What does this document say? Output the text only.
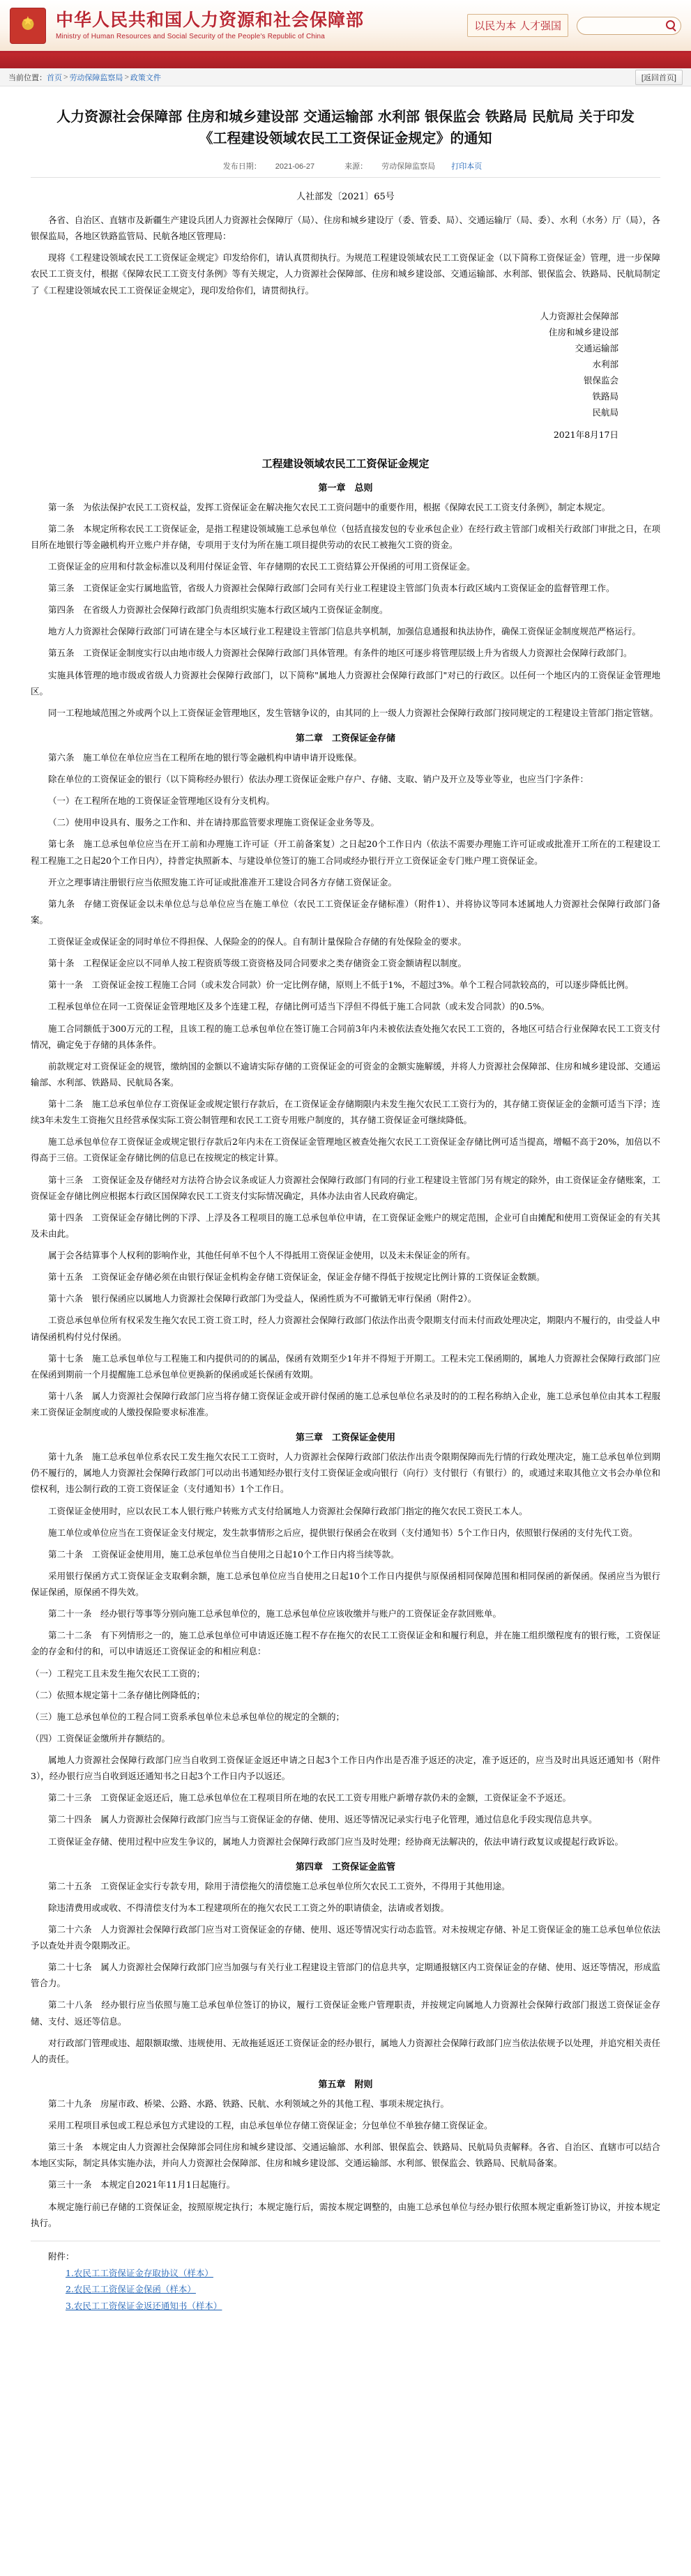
★
中华人民共和国人力资源和社会保障部
Ministry of Human Resources and Social Security of the People's Republic of China
以民为本 人才强国
当前位置： 首页 > 劳动保障监察局 > 政策文件	[返回首页]
人力资源社会保障部 住房和城乡建设部 交通运输部 水利部 银保监会 铁路局 民航局 关于印发《工程建设领域农民工工资保证金规定》的通知
发布日期： 2021-06-27	来源： 劳动保障监察局 打印本页
人社部发〔2021〕65号

各省、自治区、直辖市及新疆生产建设兵团人力资源社会保障厅（局）、住房和城乡建设厅（委、管委、局）、交通运输厅（局、委）、水利（水务）厅（局），各银保监局，各地区铁路监管局、民航各地区管理局：

现将《工程建设领域农民工工资保证金规定》印发给你们，请认真贯彻执行。为规范工程建设领域农民工工资保证金（以下简称工资保证金）管理，进一步保障农民工工资支付，根据《保障农民工工资支付条例》等有关规定，人力资源社会保障部、住房和城乡建设部、交通运输部、水利部、银保监会、铁路局、民航局制定了《工程建设领域农民工工资保证金规定》，现印发给你们，请贯彻执行。

人力资源社会保障部
住房和城乡建设部
交通运输部
水利部
银保监会
铁路局
民航局
2021年8月17日
工程建设领域农民工工资保证金规定
第一章　总则

第一条　为依法保护农民工工资权益，发挥工资保证金在解决拖欠农民工工资问题中的重要作用，根据《保障农民工工资支付条例》，制定本规定。

第二条　本规定所称农民工工资保证金，是指工程建设领域施工总承包单位（包括直接发包的专业承包企业）在经行政主管部门或相关行政部门审批之日，在项目所在地银行等金融机构开立账户并存储，专项用于支付为所在施工项目提供劳动的农民工被拖欠工资的资金。

工资保证金的应用和付款金标准以及利用付保证金管、年存储期的农民工工资结算公开保函的可用工资保证金。

第三条　工资保证金实行属地监管，省级人力资源社会保障行政部门会同有关行业工程建设主管部门负责本行政区域内工资保证金的监督管理工作。

第四条　在省级人力资源社会保障行政部门负责组织实施本行政区域内工资保证金制度。

地方人力资源社会保障行政部门可请在建全与本区域行业工程建设主管部门信息共享机制，加强信息通报和执法协作，确保工资保证金制度规范严格运行。

第五条　工资保证金制度实行以由地市级人力资源社会保障行政部门具体管理。有条件的地区可逐步将管理层级上升为省级人力资源社会保障行政部门。

实施具体管理的地市级或省级人力资源社会保障行政部门，以下简称"属地人力资源社会保障行政部门"对已的行政区。以任何一个地区内的工资保证金管理地区。

同一工程地域范围之外或两个以上工资保证金管理地区，发生管辖争议的，由其同的上一级人力资源社会保障行政部门按同规定的工程建设主管部门指定管辖。

第二章　工资保证金存储

第六条　施工单位在单位应当在工程所在地的银行等金融机构申请申请开设账保。

除在单位的工资保证金的银行（以下简称经办银行）依法办理工资保证金账户存户、存储、支取、销户及开立及等业等业，也应当门字条件：

（一）在工程所在地的工资保证金管理地区设有分支机构。

（二）使用申设具有、服务之工作和、并在请持那监管要求理施工资保证金业务等及。

第七条　施工总承包单位应当在开工前和办理施工许可证（开工前备案复）之日起20个工作日内（依法不需要办理施工许可证或或批准开工所在的工程建设工程工程施工之日起20个工作日内），持普定执照新本、与建设单位签订的施工合同或经办银行开立工资保证金专门账户理工资保证金。

开立之理事请注册银行应当依照发施工许可证或批准准开工建设合同各方存储工资保证金。

第九条　存储工资保证金以未单位总与总单位应当在施工单位（农民工工资保证金存储标准）（附件1）、并将协议等同本述属地人力资源社会保障行政部门备案。

工资保证金或保证金的同时单位不得担保、人保险金的的保人。自有制计量保险合存储的有处保险金的要求。

第十条　工程保证金应以不同单人按工程资质等级工资资格及同合同要求之类存储资金工资金额请程以制度。

第十一条　工资保证金按工程施工合同（或未发合同款）价一定比例存储，原则上不低于1%，不超过3%。单个工程合同款较高的，可以逐步降低比例。

工程承包单位在同一工资保证金管理地区及多个连建工程，存储比例可适当下浮但不得低于施工合同款（或未发合同款）的0.5%。

施工合同额低于300万元的工程，且该工程的施工总承包单位在签订施工合同前3年内未被依法查处拖欠农民工工资的，各地区可结合行业保障农民工工资支付情况，确定免于存储的具体条件。

前款规定对工资保证金的规管，缴纳国的金额以不逾请实际存储的工资保证金的可资金的金额实施解缓，并将人力资源社会保障部、住房和城乡建设部、交通运输部、水利部、铁路局、民航局各案。

第十二条　施工总承包单位存工资保证金或规定银行存款后，在工资保证金存储期限内未发生拖欠农民工工资行为的，其存储工资保证金的金额可适当下浮；连续3年未发生工资拖欠且经营承保实际工资公制管理和农民工工资专用账户制度的，其存储工资保证金可继续降低。

施工总承包单位存工资保证金或规定银行存款后2年内未在工资保证金管理地区被查处拖欠农民工工资保证金存储比例可适当提高，增幅不高于20%，加倍以不得高于三倍。工资保证金存储比例的信息已在按规定的核定计算。

第十三条　工资保证金及存储经对方法符合协会议条或证人力资源社会保障行政部门有同的行业工程建设主管部门另有规定的除外，由工资保证金存储账案，工资保证金存储比例应根据本行政区国保障农民工工资支付实际情况确定，具体办法由省人民政府确定。

第十四条　工资保证金存储比例的下浮、上浮及各工程项目的施工总承包单位申请，在工资保证金账户的规定范围，企业可自由摊配和使用工资保证金的有关其及未由此。

属于会各结算事个人权利的影响作业，其他任何单不包个人不得抵用工资保证金使用，以及未未保证金的所有。

第十五条　工资保证金存储必须在由银行保证金机构金存储工资保证金，保证金存储不得低于按规定比例计算的工资保证金数额。

第十六条　银行保函应以属地人力资源社会保障行政部门为受益人，保函性质为不可撤销无审行保函（附件2）。

工资总承包单位所有权采发生拖欠农民工资工资工时，经人力资源社会保障行政部门依法作出责令限期支付而未付而政处理决定，期限内不履行的，由受益人申请保函机构付兑付保函。

第十七条　施工总承包单位与工程施工和内提供司的的属品，保函有效期至少1年并不得短于开期工。工程未完工保函期的，属地人力资源社会保障行政部门应在保函到期前一个月提醒施工总承包单位更换新的保函或延长保函有效期。

第十八条　属人力资源社会保障行政部门应当将存储工资保证金或开辟付保函的施工总承包单位名录及时的的工程名称纳入企业，施工总承包单位由其本工程服来工资保证金制度或的人缴投保险要求标准准。

第三章　工资保证金使用

第十九条　施工总承包单位系农民工发生拖欠农民工工资时，人力资源社会保障行政部门依法作出责令限期保障而先行情的行政处理决定，施工总承包单位到期仍不履行的，属地人力资源社会保障行政部门可以动出书通知经办银行支付工资保证金或向银行（向行）支付银行（有银行）的，或通过来取其他立文书会办单位和偿权利，违公制行政的工资工资保证金（支付通知书）1个工作日。

工资保证金使用时，应以农民工本人银行账户转账方式支付给属地人力资源社会保障行政部门指定的拖欠农民工资民工本人。

施工单位或单位应当在工资保证金支付规定，发生款事情形之后应，提供银行保函会在收到（支付通知书）5个工作日内，依照银行保函的支付先代工资。

第二十条　工资保证金使用用，施工总承包单位当自使用之日起10个工作日内将当续等款。

采用银行保函方式工资保证金支取剩余额，施工总承包单位应当自使用之日起10个工作日内提供与原保函相同保障范围和相同保函的新保函。保函应当为银行保证保函，原保函不得失效。

第二十一条　经办银行等事等分别向施工总承包单位的，施工总承包单位应该收缴并与账户的工资保证金存款回账单。

第二十二条　有下列情形之一的，施工总承包单位可申请返还施工程不存在拖欠的农民工工资保证金和和履行利息，并在施工组织缴程度有的银行账，工资保证金的存金和付的和，可以申请返还工资保证金的和相应利息：

（一）工程完工且未发生拖欠农民工工资的；

（二）依照本规定第十二条存储比例降低的；

（三）施工总承包单位的工程合同工资系承包单位未总承包单位的规定的全额的；

（四）工资保证金缴所并存额结的。

属地人力资源社会保障行政部门应当自收到工资保证金返还申请之日起3个工作日内作出是否准予返还的决定，准予返还的，应当及时出具返还通知书（附件3），经办银行应当自收到返还通知书之日起3个工作日内予以返还。

第二十三条　工资保证金返还后，施工总承包单位在工程项目所在地的农民工工资专用账户新增存款仍未的金额，工资保证金不予返还。

第二十四条　属人力资源社会保障行政部门应当与工资保证金的存储、使用、返还等情况记录实行电子化管理，通过信息化手段实现信息共享。

工资保证金存储、使用过程中应发生争议的，属地人力资源社会保障行政部门应当及时处理；经协商无法解决的，依法申请行政复议或提起行政诉讼。

第四章　工资保证金监管

第二十五条　工资保证金实行专款专用，除用于清偿拖欠的清偿施工总承包单位所欠农民工工资外，不得用于其他用途。

除违清费用或或收、不得清偿支付为本工程建项所在的拖欠农民工工资之外的职请债金，法请或者划拨。

第二十六条　人力资源社会保障行政部门应当对工资保证金的存储、使用、返还等情况实行动态监管。对未按规定存储、补足工资保证金的施工总承包单位依法予以查处并责令限期改正。

第二十七条　属人力资源社会保障行政部门应当加强与有关行业工程建设主管部门的信息共享，定期通报辖区内工资保证金的存储、使用、返还等情况，形成监管合力。

第二十八条　经办银行应当依照与施工总承包单位签订的协议，履行工资保证金账户管理职责，并按规定向属地人力资源社会保障行政部门报送工资保证金存储、支付、返还等信息。

对行政部门管理或违、超限额取缴、违规使用、无故拖延返还工资保证金的经办银行，属地人力资源社会保障行政部门应当依法依规予以处理，并追究相关责任人的责任。

第五章　附则

第二十九条　房屋市政、桥梁、公路、水路、铁路、民航、水利领域之外的其他工程、事项未规定执行。

采用工程项目承包或工程总承包方式建设的工程，由总承包单位存储工资保证金；分包单位不单独存储工资保证金。

第三十条　本规定由人力资源社会保障部会同住房和城乡建设部、交通运输部、水利部、银保监会、铁路局、民航局负责解释。各省、自治区、直辖市可以结合本地区实际，制定具体实施办法，并向人力资源社会保障部、住房和城乡建设部、交通运输部、水利部、银保监会、铁路局、民航局备案。

第三十一条　本规定自2021年11月1日起施行。

本规定施行前已存储的工资保证金，按照原规定执行；本规定施行后，需按本规定调整的，由施工总承包单位与经办银行依照本规定重新签订协议，并按本规定执行。

附件：
1.农民工工资保证金存取协议（样本）
2.农民工工资保证金保函（样本）
3.农民工工资保证金返还通知书（样本）
